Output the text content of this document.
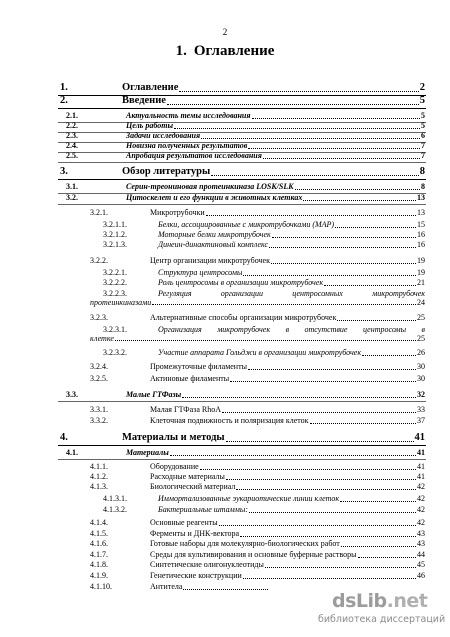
2
1. Оглавление
1.	Оглавление	2
2.	Введение	5
2.1.	Актуальность темы исследования	5
2.2.	Цель работы	5
2.3.	Задачи исследования	6
2.4.	Новизна полученных результатов	7
2.5.	Апробация результатов исследования	7
3.	Обзор литературы	8
3.1.	Серин-треониновая протеинкиназа LOSK/SLK	8
3.2.	Цитоскелет и его функции в животных клетках	13
3.2.1.	Микротрубочки	13
3.2.1.1.	Белки, ассоциированные с микротрубочками (MAP)	15
3.2.1.2.	Моторные белки микротрубочек	16
3.2.1.3.	Динеин-динактиновый комплекс	16
3.2.2.	Центр организации микротрубочек	19
3.2.2.1.	Структура центросомы	19
3.2.2.2.	Роль центросомы в организации микротрубочек	21
3.2.2.3.	Регуляция организации центросомных микротрубочек
протеинкиназами	24
3.2.3.	Альтернативные способы организации микротрубочек	25
3.2.3.1.	Организация микротрубочек в отсутствие центросомы в
клетке	25
3.2.3.2.	Участие аппарата Гольджи в организации микротрубочек	26
3.2.4.	Промежуточные филаменты	30
3.2.5.	Актиновые филаменты	30
3.3.	Малые ГТФазы	32
3.3.1.	Малая ГТФаза RhoA	33
3.3.2.	Клеточная подвижность и поляризация клеток	37
4.	Материалы и методы	41
4.1.	Материалы	41
4.1.1.	Оборудование	41
4.1.2.	Расходные материалы	41
4.1.3.	Биологический материал	42
4.1.3.1.	Иммортализованные эукариотические линии клеток	42
4.1.3.2.	Бактериальные штаммы:	42
4.1.4.	Основные реагенты	42
4.1.5.	Ферменты и ДНК-вектора	43
4.1.6.	Готовые наборы для молекулярно-биологических работ	43
4.1.7.	Среды для культивирования и основные буферные растворы	44
4.1.8.	Синтетические олигонуклеотиды	45
4.1.9.	Генетические конструкции	46
4.1.10.	Антитела
dsLib.net
библиотека диссертаций
